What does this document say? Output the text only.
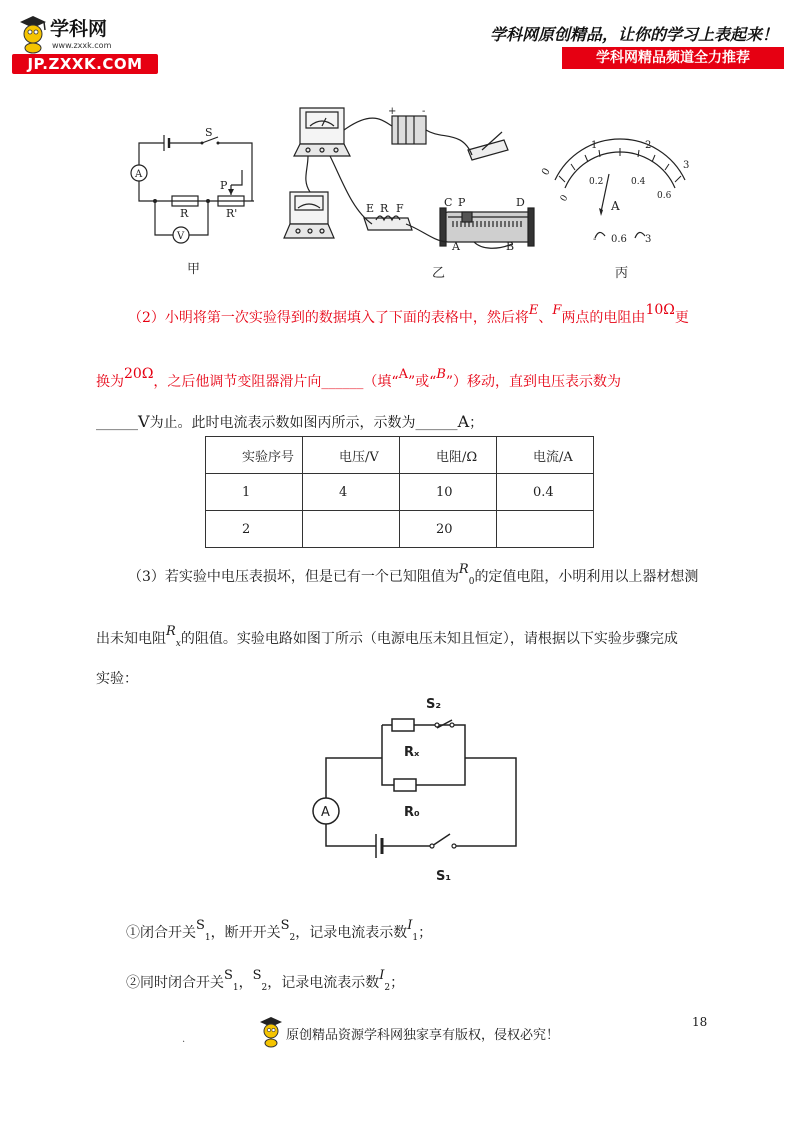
学科网
www.zxxk.com
JP.ZXXK.COM
学科网原创精品，让你的学习上表起来！
学科网精品频道全力推荐
S
A
V
R	R'
P
甲
+	-
E R F	C P	D
A	B
乙
0
1	2
3
0
0.2	0.4
0.6
A
- 0.6 3
丙
（2）小明将第一次实验得到的数据填入了下面的表格中，然后将E、F两点的电阻由10Ω更
换为20Ω，之后他调节变阻器滑片向______（填“A”或“B”）移动，直到电压表示数为
______V为止。此时电流表示数如图丙所示，示数为______A；
实验序号	电压/V	电阻/Ω	电流/A
1	4	10	0.4
2		20	
（3）若实验中电压表损坏，但是已有一个已知阻值为$R_0$的定值电阻，小明利用以上器材想测
出未知电阻$R_x$的阻值。实验电路如图丁所示（电源电压未知且恒定），请根据以下实验步骤完成
实验：
A
S₂
Rₓ
R₀
S₁
①闭合开关$S_1$，断开开关$S_2$，记录电流表示数$I_1$；
②同时闭合开关$S_1$，$S_2$，记录电流表示数$I_2$；
18
.	原创精品资源学科网独家享有版权，侵权必究！
